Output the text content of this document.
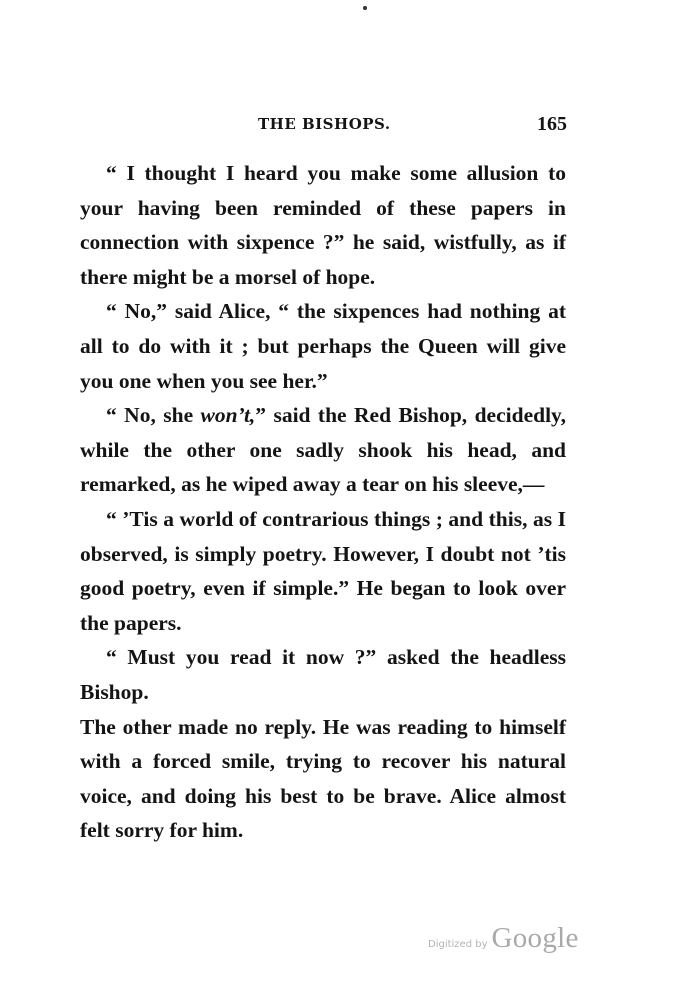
THE BISHOPS.	165

“ I thought I heard you make some allusion to your having been reminded of these papers in connection with sixpence ?” he said, wistfully, as if there might be a morsel of hope.

“ No,” said Alice, “ the sixpences had nothing at all to do with it ; but perhaps the Queen will give you one when you see her.”

“ No, she won’t,” said the Red Bishop, decidedly, while the other one sadly shook his head, and remarked, as he wiped away a tear on his sleeve,—

“ ’Tis a world of contrarious things ; and this, as I observed, is simply poetry. However, I doubt not ’tis good poetry, even if simple.” He began to look over the papers.

“ Must you read it now ?” asked the headless Bishop.

The other made no reply. He was reading to himself with a forced smile, trying to recover his natural voice, and doing his best to be brave. Alice almost felt sorry for him.

Digitized by Google
